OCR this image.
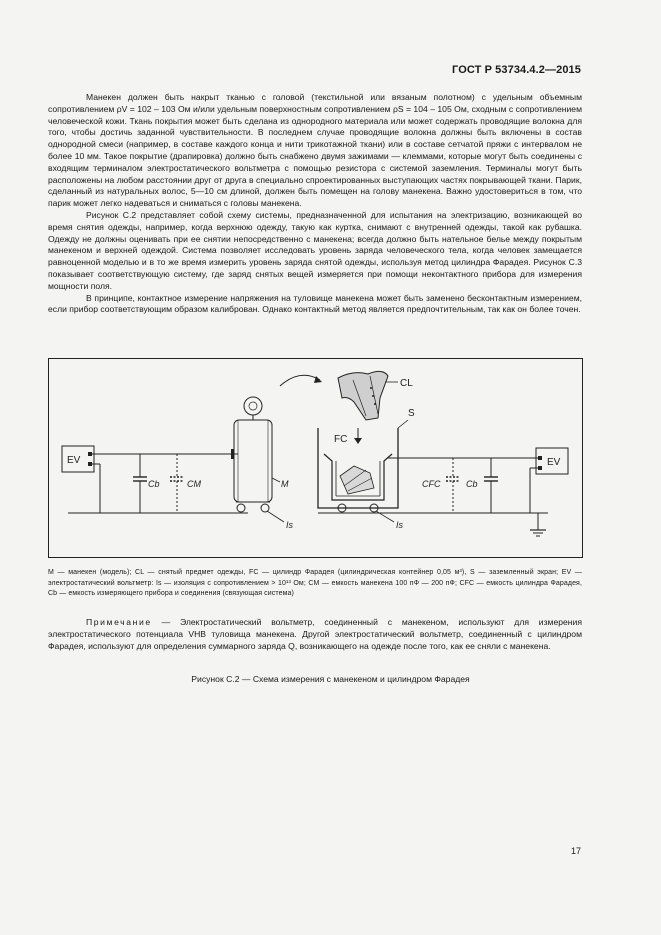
ГОСТ Р 53734.4.2—2015

Манекен должен быть накрыт тканью с головой (текстильной или вязаным полотном) с удельным объемным сопротивлением ρV = 102 – 103 Ом и/или удельным поверхностным сопротивлением ρS = 104 – 105 Ом, сходным с сопротивлением человеческой кожи. Ткань покрытия может быть сделана из однородного материала или может содержать проводящие волокна для того, чтобы достичь заданной чувствительности. В последнем случае проводящие волокна должны быть включены в состав однородной смеси (например, в составе каждого конца и нити трикотажной ткани) или в составе сетчатой пряжи с интервалом не более 10 мм. Такое покрытие (драпировка) должно быть снабжено двумя зажимами — клеммами, которые могут быть соединены с входящим терминалом электростатического вольтметра с помощью резистора с системой заземления. Терминалы могут быть расположены на любом расстоянии друг от друга в специально спроектированных выступающих частях покрывающей ткани. Парик, сделанный из натуральных волос, 5—10 см длиной, должен быть помещен на голову манекена. Важно удостовериться в том, что парик может легко надеваться и сниматься с головы манекена.

Рисунок С.2 представляет собой схему системы, предназначенной для испытания на электризацию, возникающей во время снятия одежды, например, когда верхнюю одежду, такую как куртка, снимают с внутренней одежды, такой как рубашка. Одежду не должны оценивать при ее снятии непосредственно с манекена; всегда должно быть нательное белье между покрытым манекеном и верхней одеждой. Система позволяет исследовать уровень заряда человеческого тела, когда человек замещается равноценной моделью и в то же время измерить уровень заряда снятой одежды, используя метод цилиндра Фарадея. Рисунок С.3 показывает соответствующую систему, где заряд снятых вещей измеряется при помощи неконтактного прибора для измерения мощности поля.

В принципе, контактное измерение напряжения на туловище манекена может быть заменено бесконтактным измерением, если прибор соответствующим образом калиброван. Однако контактный метод является предпочтительным, так как он более точен.

EV
Cb	CM	M
Is
CL
FC
S
Is
CFC	Cb
EV
M — манекен (модель); CL — снятый предмет одежды, FC — цилиндр Фарадея (цилиндрическая контейнер 0,05 м³), S — заземленный экран; EV — электростатический вольтметр: Is — изоляция с сопротивлением > 10¹³ Ом; CM — емкость манекена 100 пФ — 200 пФ; CFC — емкость цилиндра Фарадея, Cb — емкость измеряющего прибора и соединения (связующая система)
Примечание — Электростатический вольтметр, соединенный с манекеном, используют для измерения электростатического потенциала VHB туловища манекена. Другой электростатический вольтметр, соединенный с цилиндром Фарадея, используют для определения суммарного заряда Q, возникающего на одежде после того, как ее сняли с манекена.
Рисунок С.2 — Схема измерения с манекеном и цилиндром Фарадея
17
